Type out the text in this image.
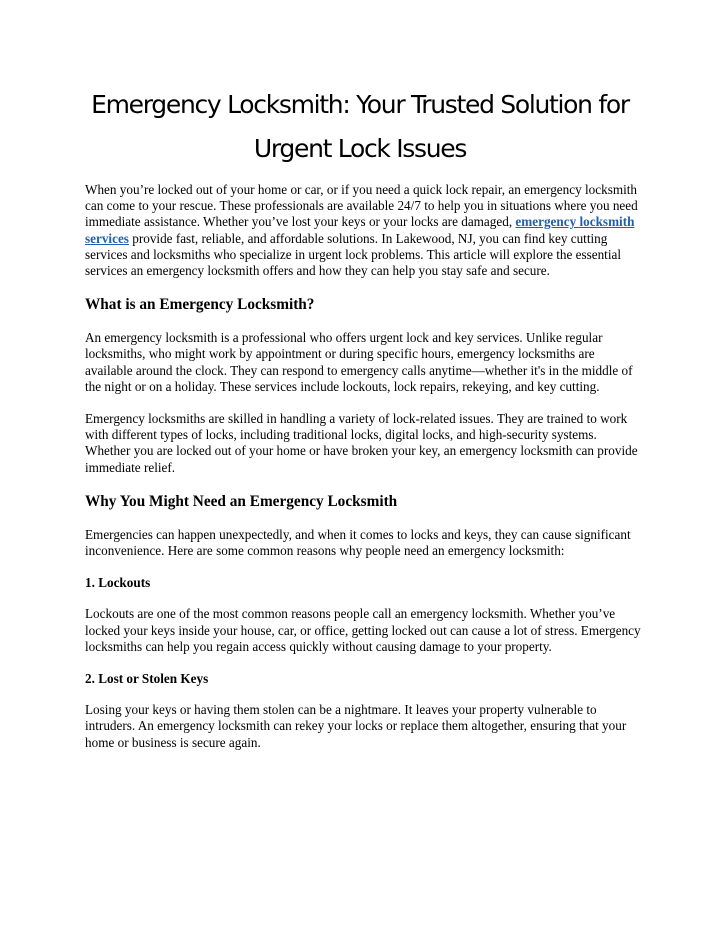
Emergency Locksmith: Your Trusted Solution for Urgent Lock Issues

When you’re locked out of your home or car, or if you need a quick lock repair, an emergency locksmith can come to your rescue. These professionals are available 24/7 to help you in situations where you need immediate assistance. Whether you’ve lost your keys or your locks are damaged, emergency locksmith services provide fast, reliable, and affordable solutions. In Lakewood, NJ, you can find key cutting services and locksmiths who specialize in urgent lock problems. This article will explore the essential services an emergency locksmith offers and how they can help you stay safe and secure.

What is an Emergency Locksmith?

An emergency locksmith is a professional who offers urgent lock and key services. Unlike regular locksmiths, who might work by appointment or during specific hours, emergency locksmiths are available around the clock. They can respond to emergency calls anytime—whether it's in the middle of the night or on a holiday. These services include lockouts, lock repairs, rekeying, and key cutting.

Emergency locksmiths are skilled in handling a variety of lock-related issues. They are trained to work with different types of locks, including traditional locks, digital locks, and high-security systems. Whether you are locked out of your home or have broken your key, an emergency locksmith can provide immediate relief.

Why You Might Need an Emergency Locksmith

Emergencies can happen unexpectedly, and when it comes to locks and keys, they can cause significant inconvenience. Here are some common reasons why people need an emergency locksmith:

1. Lockouts

Lockouts are one of the most common reasons people call an emergency locksmith. Whether you’ve locked your keys inside your house, car, or office, getting locked out can cause a lot of stress. Emergency locksmiths can help you regain access quickly without causing damage to your property.

2. Lost or Stolen Keys

Losing your keys or having them stolen can be a nightmare. It leaves your property vulnerable to intruders. An emergency locksmith can rekey your locks or replace them altogether, ensuring that your home or business is secure again.
